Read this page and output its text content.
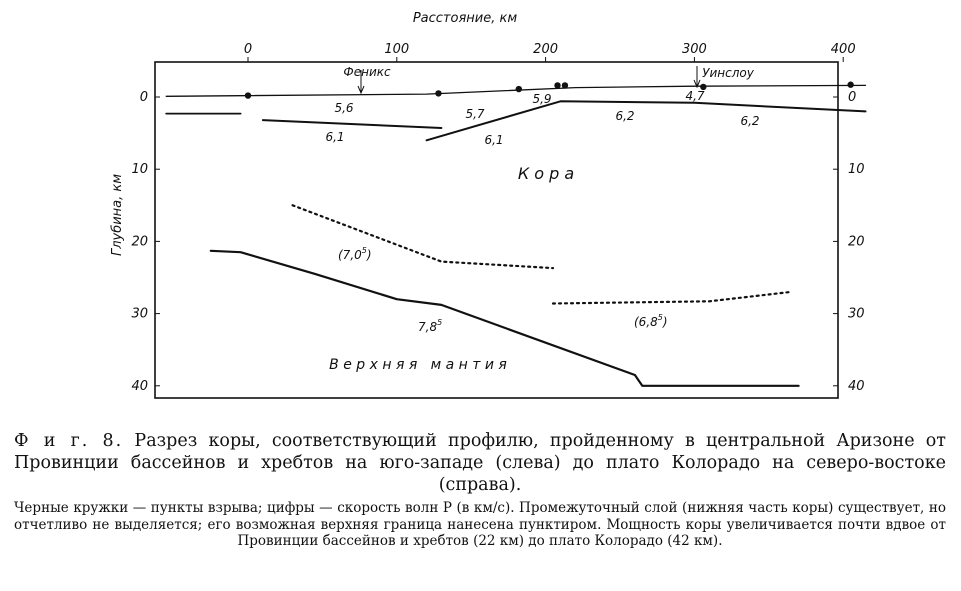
Расстояние, км
0	100	200	300	400
Глубина, км
0
10
20
30
40
0
10
20
30
40
Феникс	Уинслоу
5,6	5,7
5,9	4,7
6,1	6,1
6,2	6,2
$(7,0^5)$
$7,8^5$	$(6,8^5)$
К о р а
В е р х н я я   м а н т и я
Ф и г. 8. Разрез коры, соответствующий профилю, пройденному в центральной Аризоне от Провинции бассейнов и хребтов на юго-западе (слева) до плато Колорадо на северо-востоке (справа).
Черные кружки — пункты взрыва; цифры — скорость волн P (в км/с). Промежуточный слой (нижняя часть коры) существует, но отчетливо не выделяется; его возможная верхняя граница нанесена пунктиром. Мощность коры увеличивается почти вдвое от Провинции бассейнов и хребтов (22 км) до плато Колорадо (42 км).
